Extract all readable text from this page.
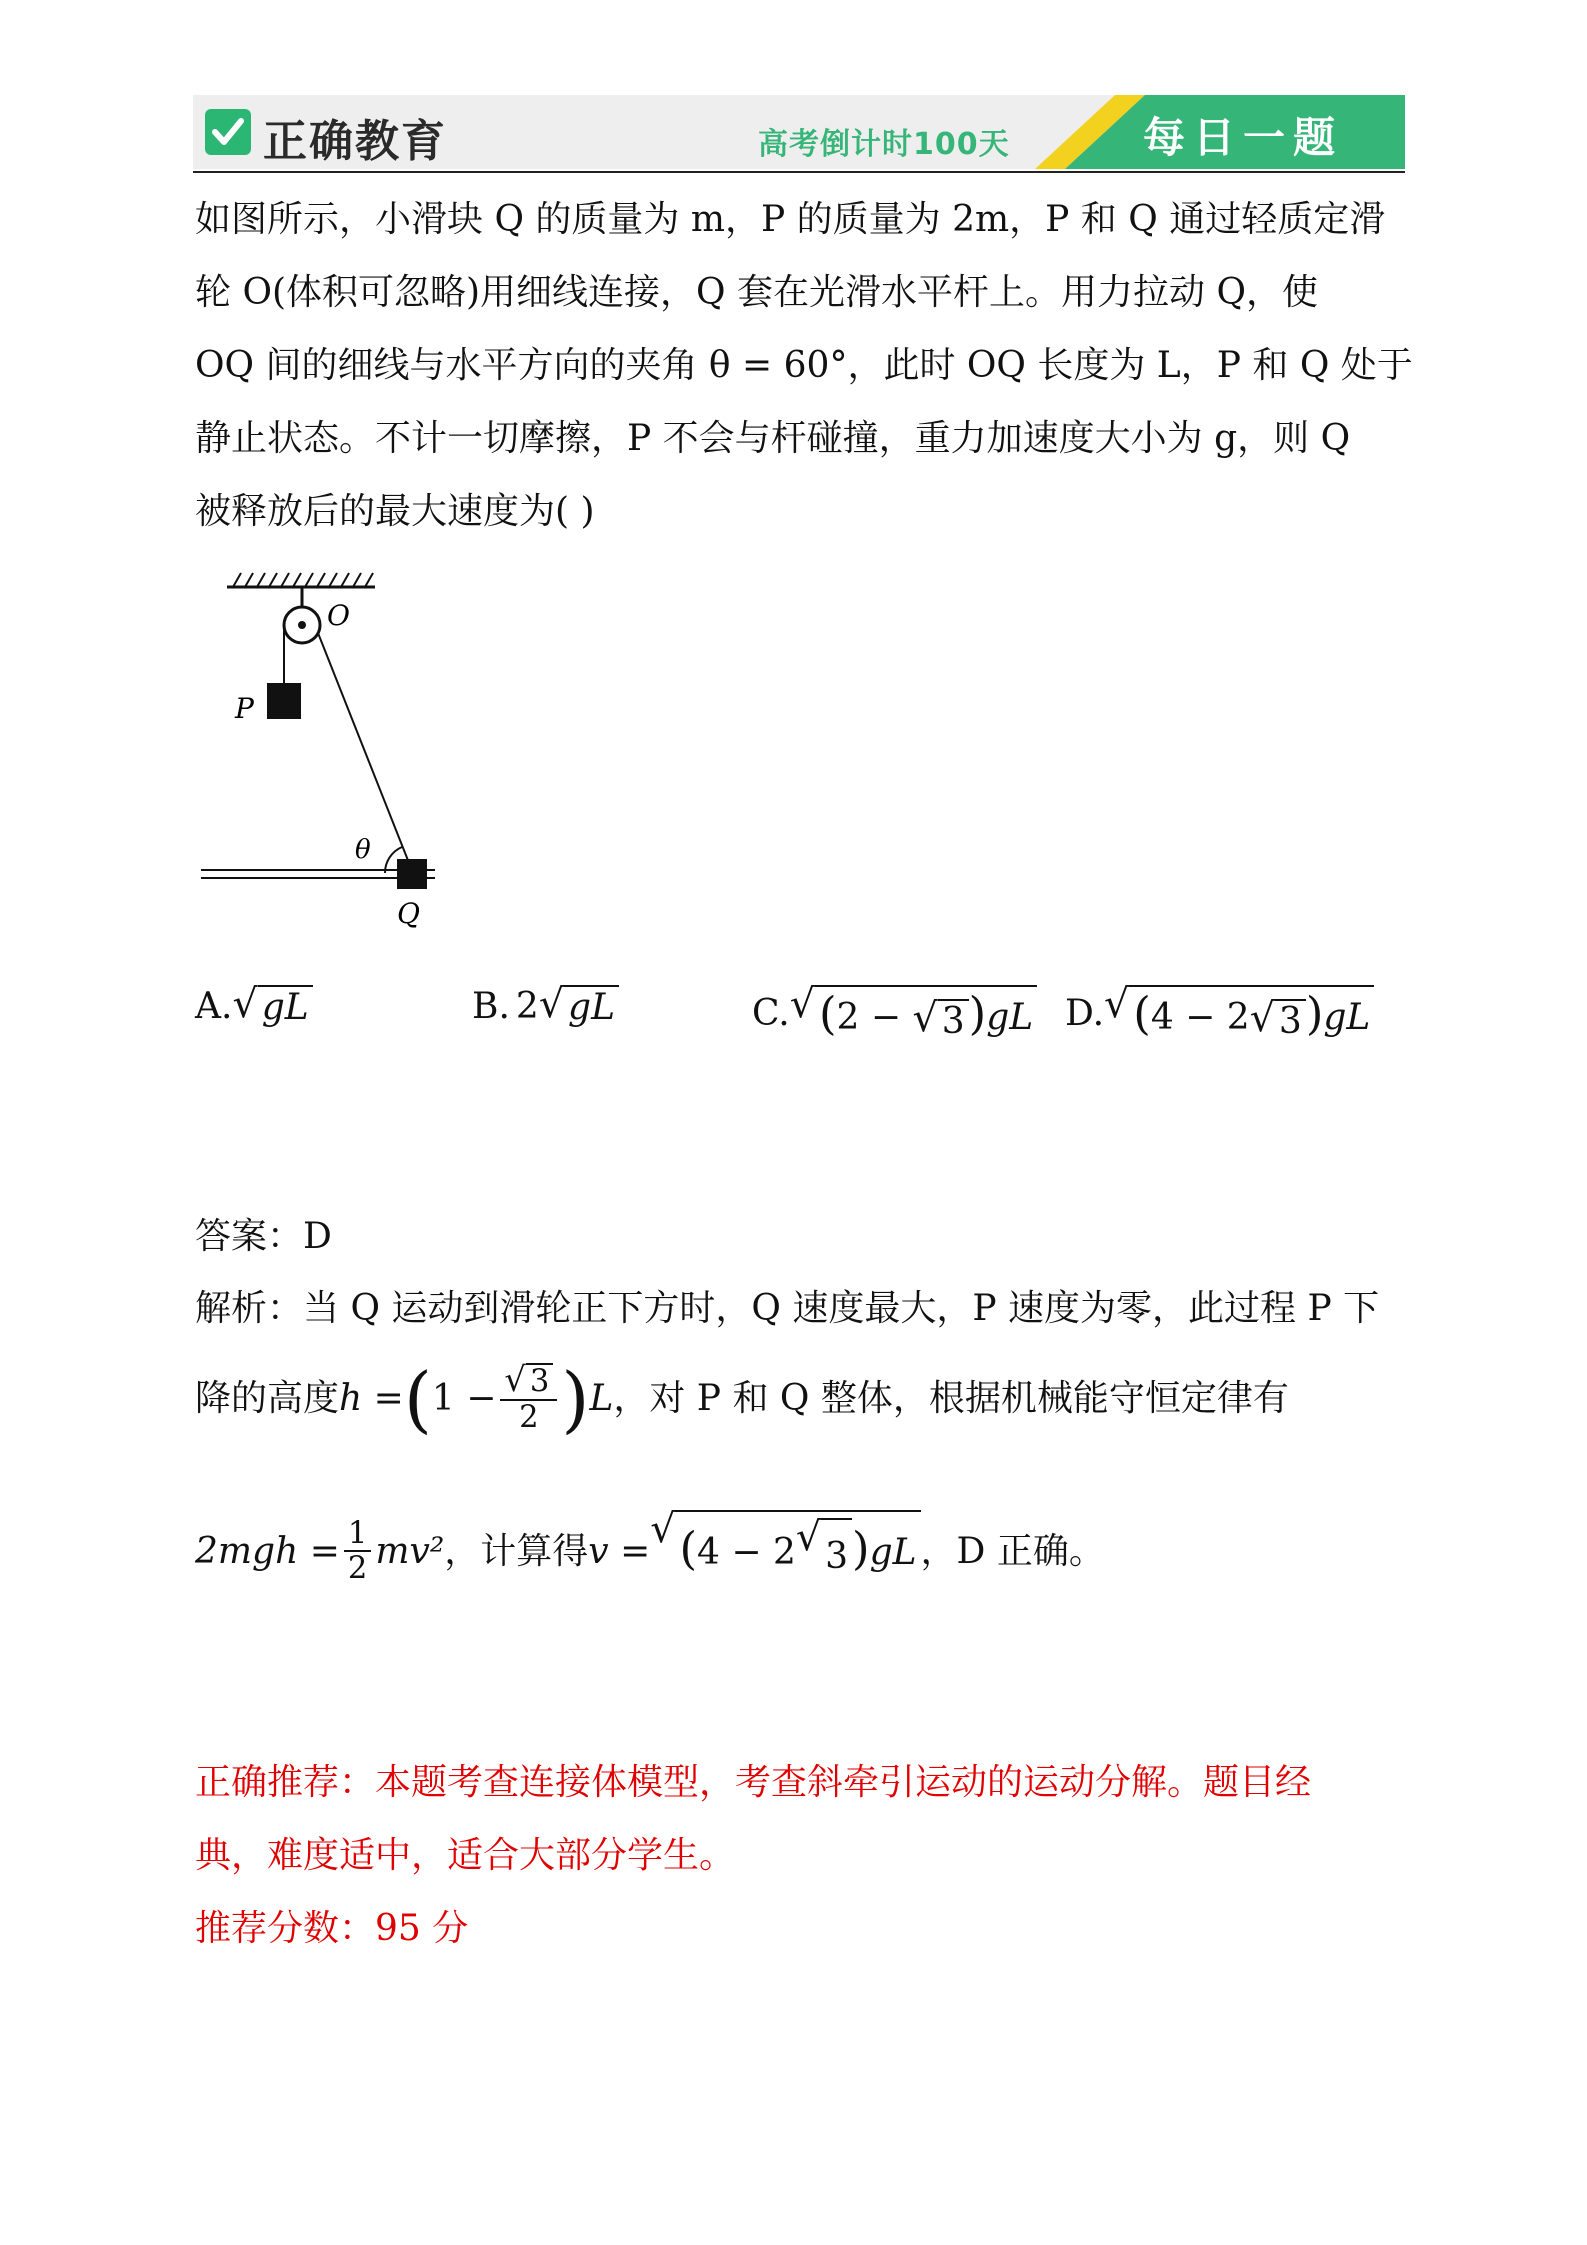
正确教育	高考倒计时100天	每日一题
如图所示，小滑块 Q 的质量为 m，P 的质量为 2m，P 和 Q 通过轻质定滑
轮 O(体积可忽略)用细线连接，Q 套在光滑水平杆上。用力拉动 Q，使
OQ 间的细线与水平方向的夹角 θ = 60°，此时 OQ 长度为 L，P 和 Q 处于
静止状态。不计一切摩擦，P 不会与杆碰撞，重力加速度大小为 g，则 Q
被释放后的最大速度为( )
O
P
Q
θ
A. √ gL	B. 2 √ gL	C. √ (2 − √ 3 )gL D. √ (4 − 2 √ 3 )gL
答案：D
解析：当 Q 运动到滑轮正下方时，Q 速度最大，P 速度为零，此过程 P 下
降的高度 h = ( $1 - \frac{√ 3}{2}$ ) L ，对 P 和 Q 整体，根据机械能守恒定律有
$2mgh = \frac{1}{2} mv^2$ ，计算得 v = √ (4 − 2 √ 3 )gL ，D 正确。
正确推荐：本题考查连接体模型，考查斜牵引运动的运动分解。题目经
典，难度适中，适合大部分学生。
推荐分数：95 分
